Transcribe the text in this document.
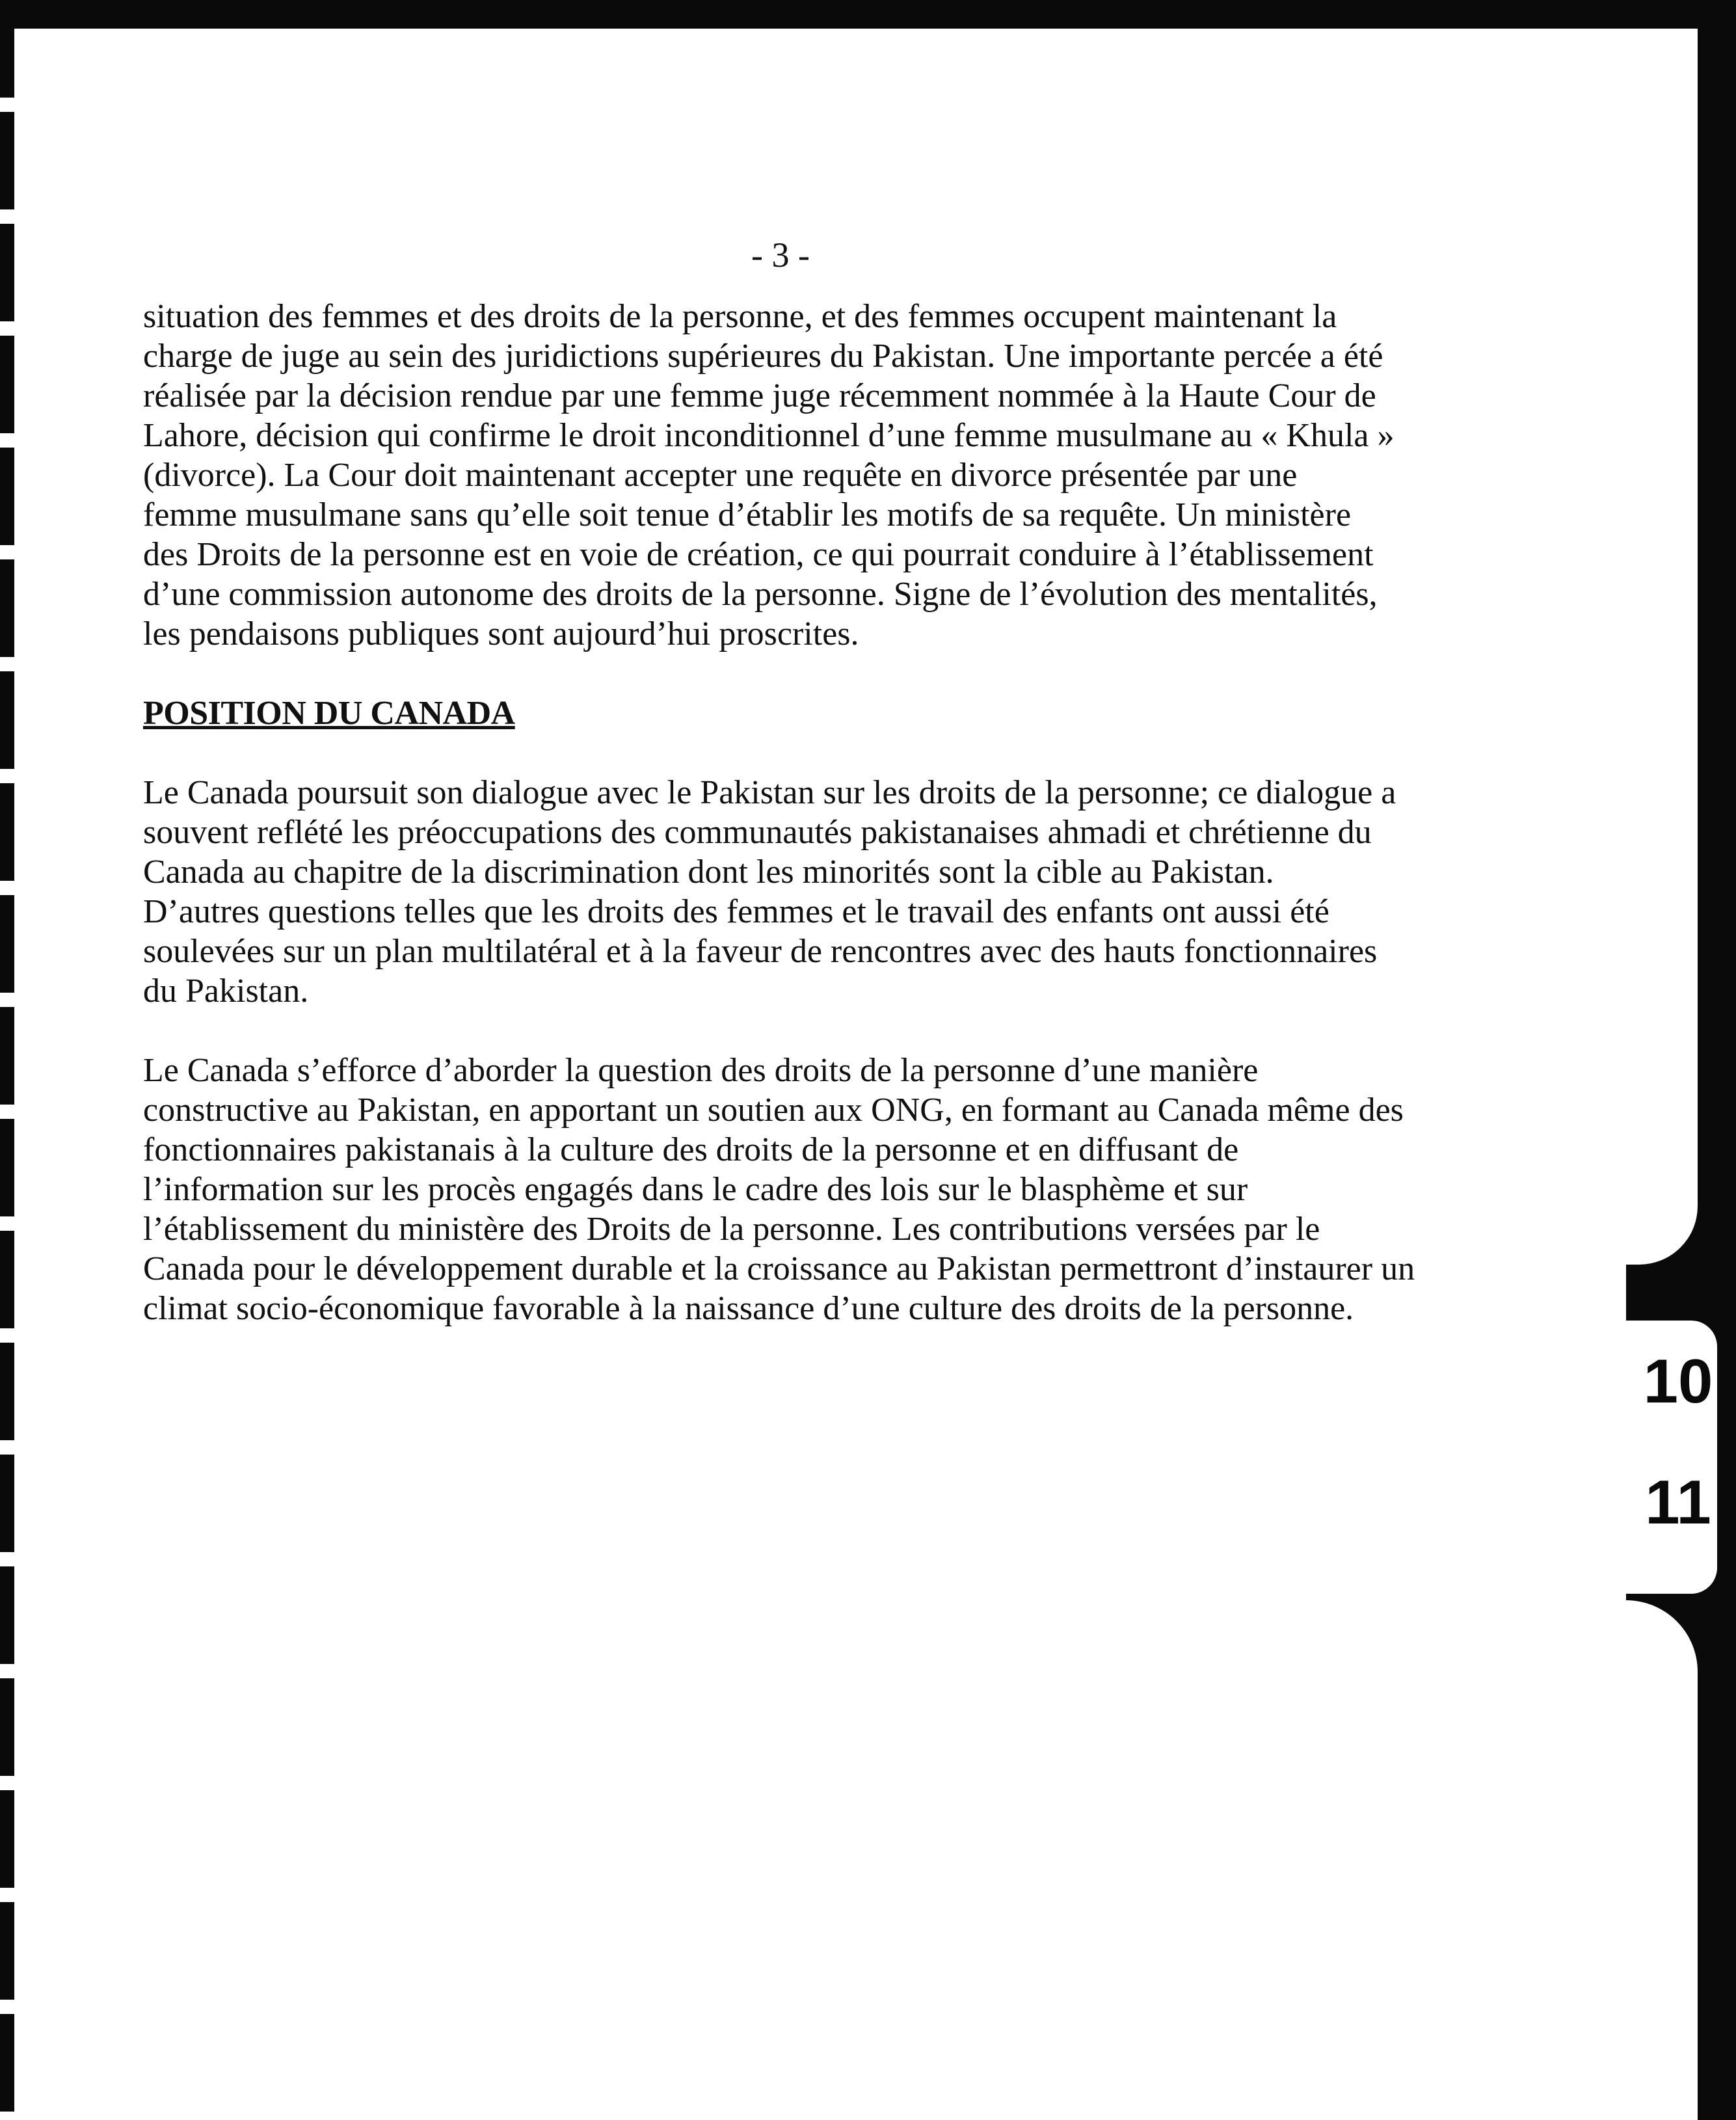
10
11
- 3 -
situation des femmes et des droits de la personne, et des femmes occupent maintenant la
charge de juge au sein des juridictions supérieures du Pakistan. Une importante percée a été
réalisée par la décision rendue par une femme juge récemment nommée à la Haute Cour de
Lahore, décision qui confirme le droit inconditionnel d’une femme musulmane au « Khula »
(divorce). La Cour doit maintenant accepter une requête en divorce présentée par une
femme musulmane sans qu’elle soit tenue d’établir les motifs de sa requête. Un ministère
des Droits de la personne est en voie de création, ce qui pourrait conduire à l’établissement
d’une commission autonome des droits de la personne. Signe de l’évolution des mentalités,
les pendaisons publiques sont aujourd’hui proscrites.
POSITION DU CANADA
Le Canada poursuit son dialogue avec le Pakistan sur les droits de la personne; ce dialogue a
souvent reflété les préoccupations des communautés pakistanaises ahmadi et chrétienne du
Canada au chapitre de la discrimination dont les minorités sont la cible au Pakistan.
D’autres questions telles que les droits des femmes et le travail des enfants ont aussi été
soulevées sur un plan multilatéral et à la faveur de rencontres avec des hauts fonctionnaires
du Pakistan.
Le Canada s’efforce d’aborder la question des droits de la personne d’une manière
constructive au Pakistan, en apportant un soutien aux ONG, en formant au Canada même des
fonctionnaires pakistanais à la culture des droits de la personne et en diffusant de
l’information sur les procès engagés dans le cadre des lois sur le blasphème et sur
l’établissement du ministère des Droits de la personne. Les contributions versées par le
Canada pour le développement durable et la croissance au Pakistan permettront d’instaurer un
climat socio-économique favorable à la naissance d’une culture des droits de la personne.
